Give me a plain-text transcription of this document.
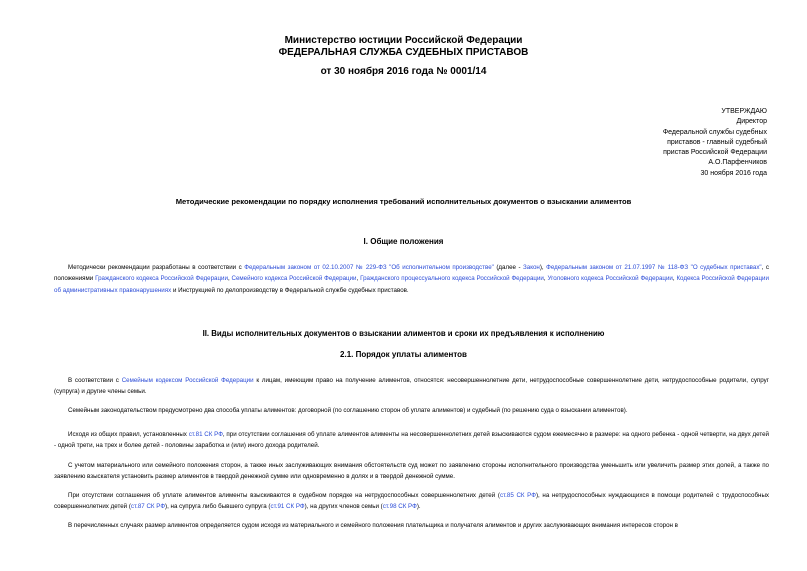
Министерство юстиции Российской Федерации
ФЕДЕРАЛЬНАЯ СЛУЖБА СУДЕБНЫХ ПРИСТАВОВ
от 30 ноября 2016 года № 0001/14
УТВЕРЖДАЮ
Директор
Федеральной службы судебных
приставов - главный судебный
пристав Российской Федерации
А.О.Парфенчиков
30 ноября 2016 года
Методические рекомендации по порядку исполнения требований исполнительных документов о взыскании алиментов
I. Общие положения
Методически рекомендации разработаны в соответствии с Федеральным законом от 02.10.2007 № 229-ФЗ "Об исполнительном производстве" (далее - Закон), Федеральным законом от 21.07.1997 № 118-ФЗ "О судебных приставах", с положениями Гражданского кодекса Российской Федерации, Семейного кодекса Российской Федерации, Гражданского процессуального кодекса Российской Федерации, Уголовного кодекса Российской Федерации, Кодекса Российской Федерации об административных правонарушениях и Инструкцией по делопроизводству в Федеральной службе судебных приставов.
II. Виды исполнительных документов о взыскании алиментов и сроки их предъявления к исполнению
2.1. Порядок уплаты алиментов
В соответствии с Семейным кодексом Российской Федерации к лицам, имеющим право на получение алиментов, относятся: несовершеннолетние дети, нетрудоспособные совершеннолетние дети, нетрудоспособные родители, супруг (супруга) и другие члены семьи.
Семейным законодательством предусмотрено два способа уплаты алиментов: договорной (по соглашению сторон об уплате алиментов) и судебный (по решению суда о взыскании алиментов).
Исходя из общих правил, установленных ст.81 СК РФ, при отсутствии соглашения об уплате алиментов алименты на несовершеннолетних детей взыскиваются судом ежемесячно в размере: на одного ребенка - одной четверти, на двух детей - одной трети, на трех и более детей - половины заработка и (или) иного дохода родителей.
С учетом материального или семейного положения сторон, а также иных заслуживающих внимания обстоятельств суд может по заявлению стороны исполнительного производства уменьшить или увеличить размер этих долей, а также по заявлению взыскателя установить размер алиментов в твердой денежной сумме или одновременно в долях и в твердой денежной сумме.
При отсутствии соглашения об уплате алиментов алименты взыскиваются в судебном порядке на нетрудоспособных совершеннолетних детей (ст.85 СК РФ), на нетрудоспособных нуждающихся в помощи родителей с трудоспособных совершеннолетних детей (ст.87 СК РФ), на супруга либо бывшего супруга (ст.91 СК РФ), на других членов семьи (ст.98 СК РФ).
В перечисленных случаях размер алиментов определяется судом исходя из материального и семейного положения плательщика и получателя алиментов и других заслуживающих внимания интересов сторон в
